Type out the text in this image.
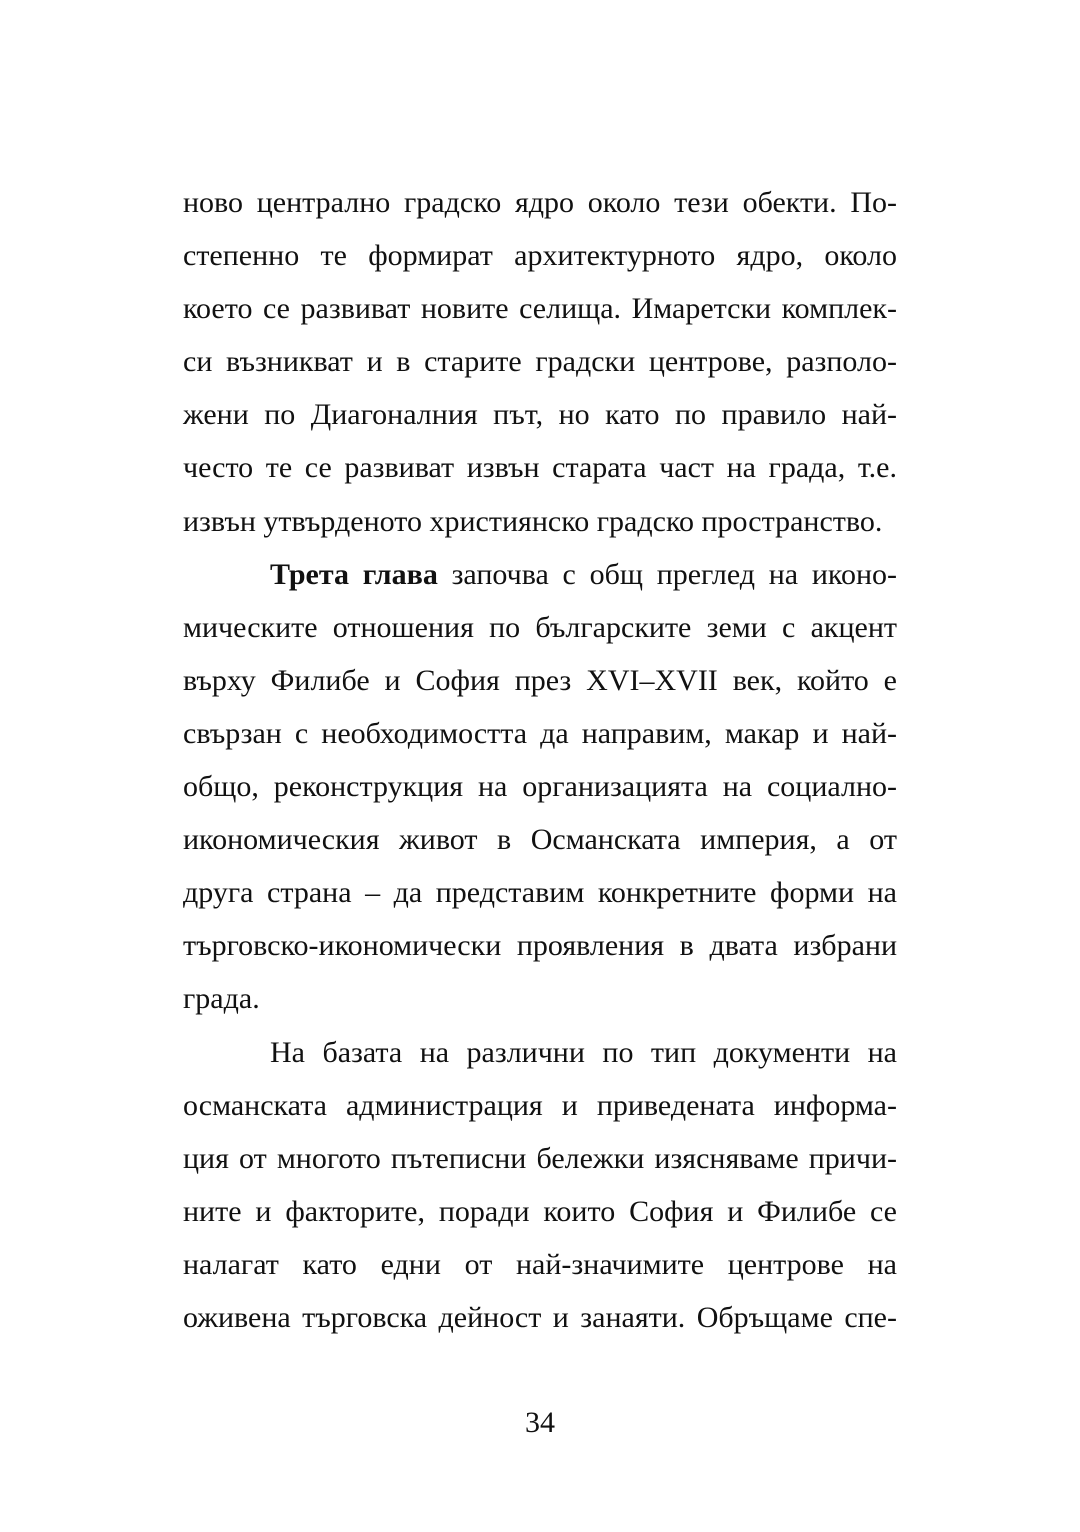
ново централно градско ядро около тези обекти. По-
степенно те формират архитектурното ядро, около
което се развиват новите селища. Имаретски комплек-
си възникват и в старите градски центрове, разполо-
жени по Диагоналния път, но като по правило най-
често те се развиват извън старата част на града, т.е.
извън утвърденото християнско градско пространство.
Трета глава започва с общ преглед на иконо-
мическите отношения по българските земи с акцент
върху Филибе и София през XVI–XVII век, който е
свързан с необходимостта да направим, макар и най-
общо, реконструкция на организацията на социално-
икономическия живот в Османската империя, а от
друга страна – да представим конкретните форми на
търговско-икономически проявления в двата избрани
града.
На базата на различни по тип документи на
османската администрация и приведената информа-
ция от многото пътеписни бележки изясняваме причи-
ните и факторите, поради които София и Филибе се
налагат като едни от най-значимите центрове на
оживена търговска дейност и занаяти. Обръщаме спе-
34
